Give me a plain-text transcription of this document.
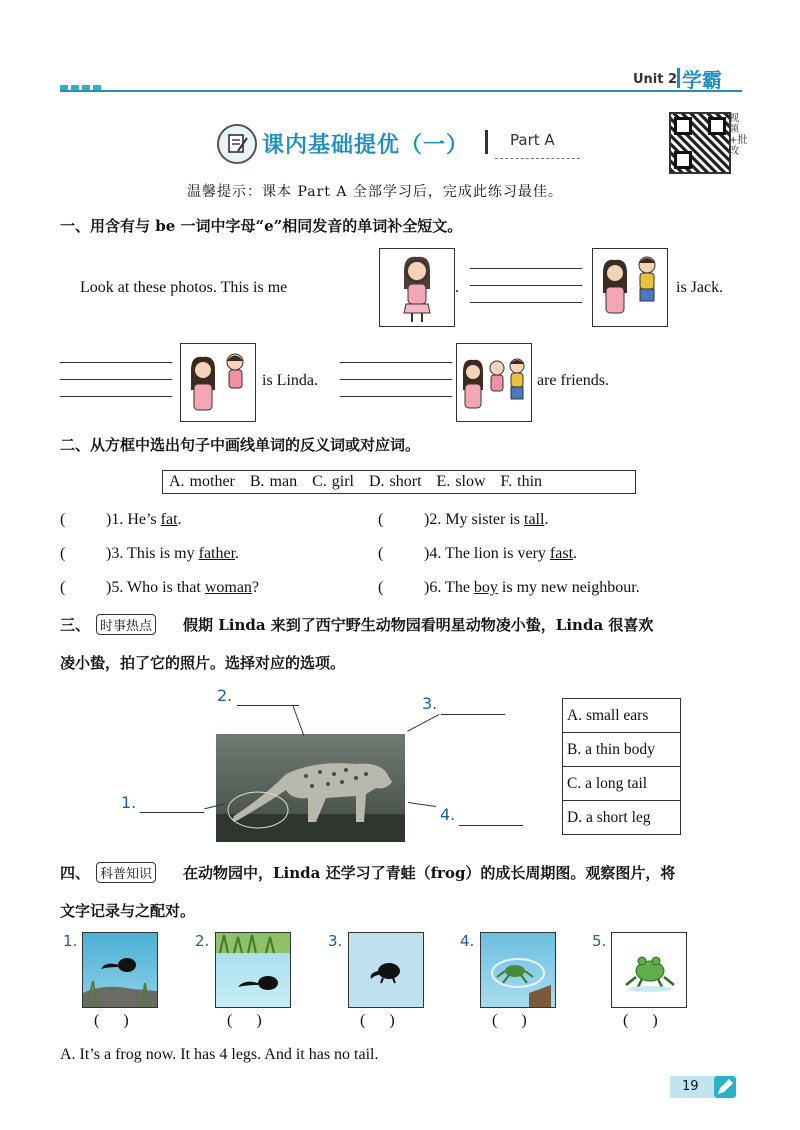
Unit 2 学霸
课内基础提优（一）	Part A
视频+批改
温馨提示：课本 Part A 全部学习后，完成此练习最佳。
一、用含有与 be 一词中字母“e”相同发音的单词补全短文。
Look at these photos. This is me	.	is Jack.
is Linda.	are friends.
二、从方框中选出句子中画线单词的反义词或对应词。
A. mother   B. man   C. girl   D. short   E. slow   F. thin
(	)1. He’s fat.	(	)2. My sister is tall.
(	)3. This is my father.	(	)4. The lion is very fast.
(	)5. Who is that woman?	(	)6. The boy is my new neighbour.
三、 时事热点 假期 Linda 来到了西宁野生动物园看明星动物凌小蛰，Linda 很喜欢
凌小蛰，拍了它的照片。选择对应的选项。
2.	3.
1.
4.
A. small ears
B. a thin body
C. a long tail
D. a short leg
四、 科普知识 在动物园中，Linda 还学习了青蛙（frog）的成长周期图。观察图片，将
文字记录与之配对。
1.	2.	3.	4.	5.
(      )	(      )	(      )	(      )	(      )
A. It’s a frog now. It has 4 legs. And it has no tail.
19
